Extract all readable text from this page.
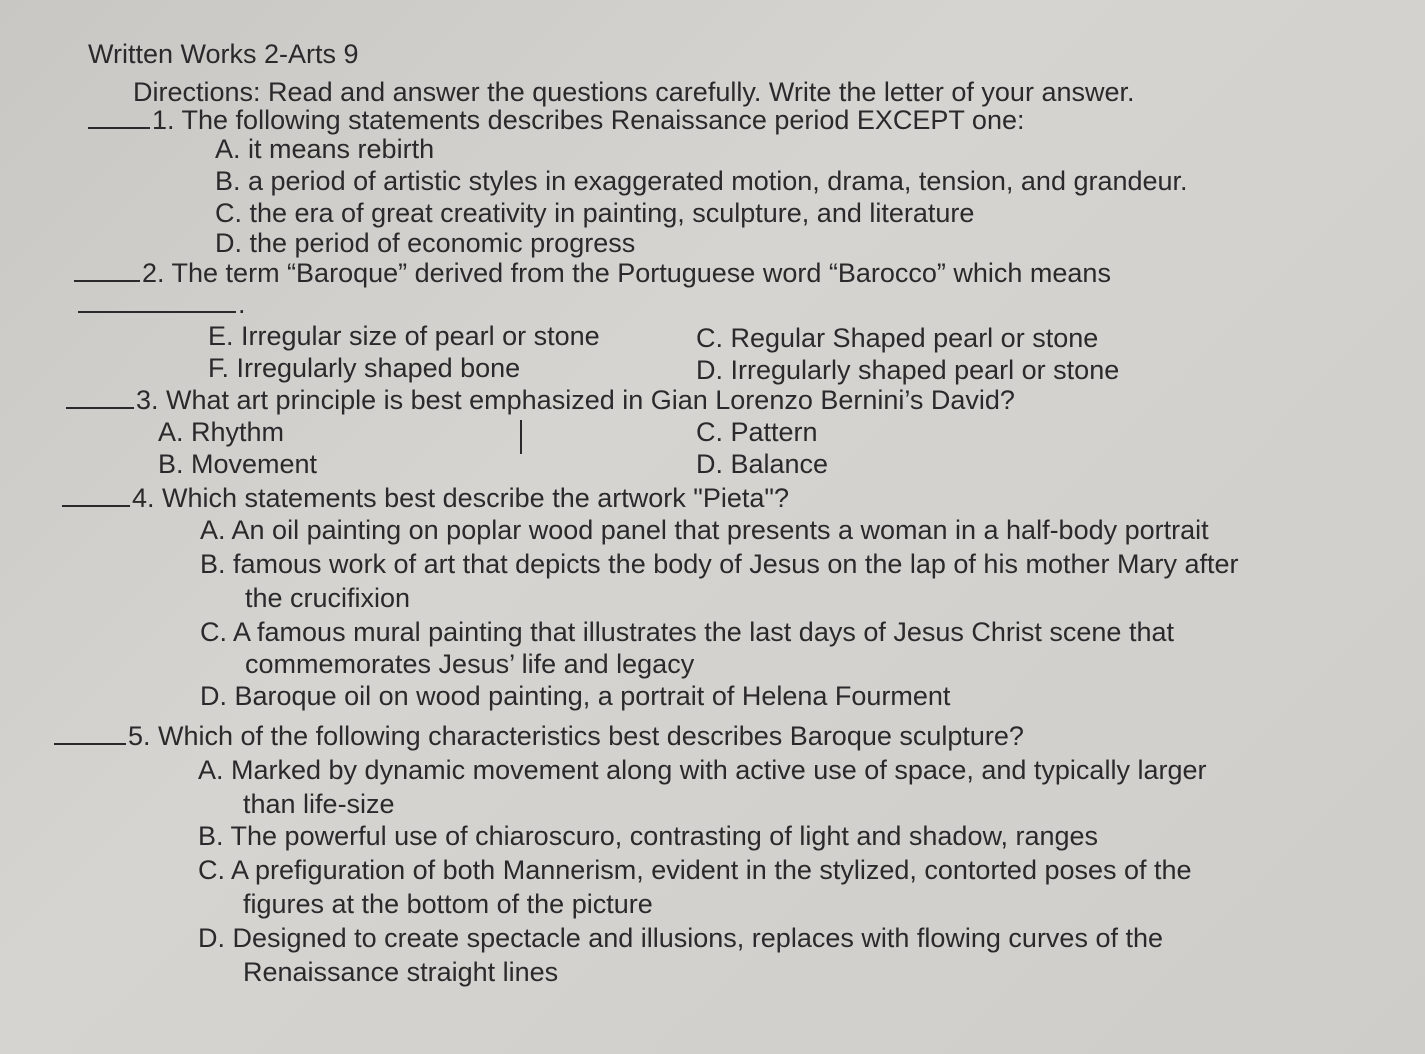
Written Works 2-Arts 9
Directions: Read and answer the questions carefully. Write the letter of your answer.
1. The following statements describes Renaissance period EXCEPT one:
A. it means rebirth
B. a period of artistic styles in exaggerated motion, drama, tension, and grandeur.
C. the era of great creativity in painting, sculpture, and literature
D. the period of economic progress
2. The term “Baroque” derived from the Portuguese word “Barocco” which means
.
E. Irregular size of pearl or stone	C. Regular Shaped pearl or stone
F. Irregularly shaped bone	D. Irregularly shaped pearl or stone
3. What art principle is best emphasized in Gian Lorenzo Bernini’s David?
A. Rhythm	C. Pattern
B. Movement	D. Balance
4. Which statements best describe the artwork "Pieta"?
A. An oil painting on poplar wood panel that presents a woman in a half-body portrait
B. famous work of art that depicts the body of Jesus on the lap of his mother Mary after
the crucifixion
C. A famous mural painting that illustrates the last days of Jesus Christ scene that
commemorates Jesus’ life and legacy
D. Baroque oil on wood painting, a portrait of Helena Fourment
5. Which of the following characteristics best describes Baroque sculpture?
A. Marked by dynamic movement along with active use of space, and typically larger
than life-size
B. The powerful use of chiaroscuro, contrasting of light and shadow, ranges
C. A prefiguration of both Mannerism, evident in the stylized, contorted poses of the
figures at the bottom of the picture
D. Designed to create spectacle and illusions, replaces with flowing curves of the
Renaissance straight lines
